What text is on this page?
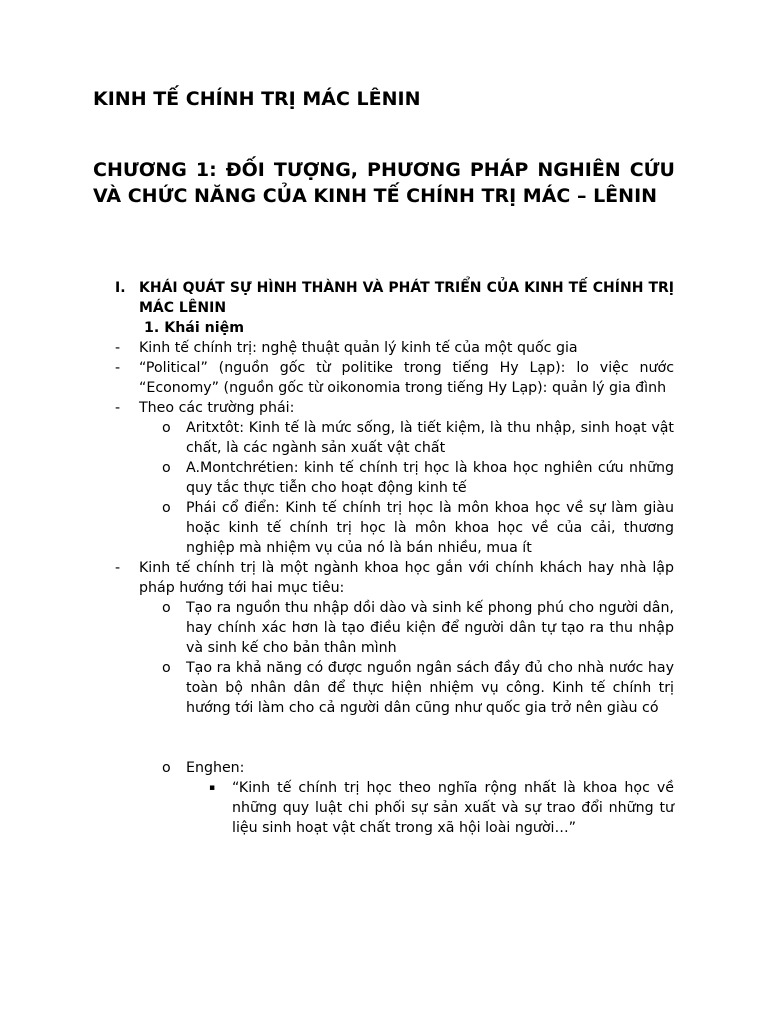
KINH TẾ CHÍNH TRỊ MÁC LÊNIN
CHƯƠNG 1: ĐỐI TƯỢNG, PHƯƠNG PHÁP NGHIÊN CỨU VÀ CHỨC NĂNG CỦA KINH TẾ CHÍNH TRỊ MÁC – LÊNIN
I. KHÁI QUÁT SỰ HÌNH THÀNH VÀ PHÁT TRIỂN CỦA KINH TẾ CHÍNH TRỊ MÁC LÊNIN
1. Khái niệm
- Kinh tế chính trị: nghệ thuật quản lý kinh tế của một quốc gia
- “Political” (nguồn gốc từ politike trong tiếng Hy Lạp): lo việc nước “Economy” (nguồn gốc từ oikonomia trong tiếng Hy Lạp): quản lý gia đình
- Theo các trường phái:
o Aritxtôt: Kinh tế là mức sống, là tiết kiệm, là thu nhập, sinh hoạt vật chất, là các ngành sản xuất vật chất
o A.Montchrétien: kinh tế chính trị học là khoa học nghiên cứu những quy tắc thực tiễn cho hoạt động kinh tế
o Phái cổ điển: Kinh tế chính trị học là môn khoa học về sự làm giàu hoặc kinh tế chính trị học là môn khoa học về của cải, thương nghiệp mà nhiệm vụ của nó là bán nhiều, mua ít
- Kinh tế chính trị là một ngành khoa học gắn với chính khách hay nhà lập pháp hướng tới hai mục tiêu:
o Tạo ra nguồn thu nhập dồi dào và sinh kế phong phú cho người dân, hay chính xác hơn là tạo điều kiện để người dân tự tạo ra thu nhập và sinh kế cho bản thân mình
o Tạo ra khả năng có được nguồn ngân sách đầy đủ cho nhà nước hay toàn bộ nhân dân để thực hiện nhiệm vụ công. Kinh tế chính trị hướng tới làm cho cả người dân cũng như quốc gia trở nên giàu có
o Enghen:
▪ “Kinh tế chính trị học theo nghĩa rộng nhất là khoa học về những quy luật chi phối sự sản xuất và sự trao đổi những tư liệu sinh hoạt vật chất trong xã hội loài người…”
